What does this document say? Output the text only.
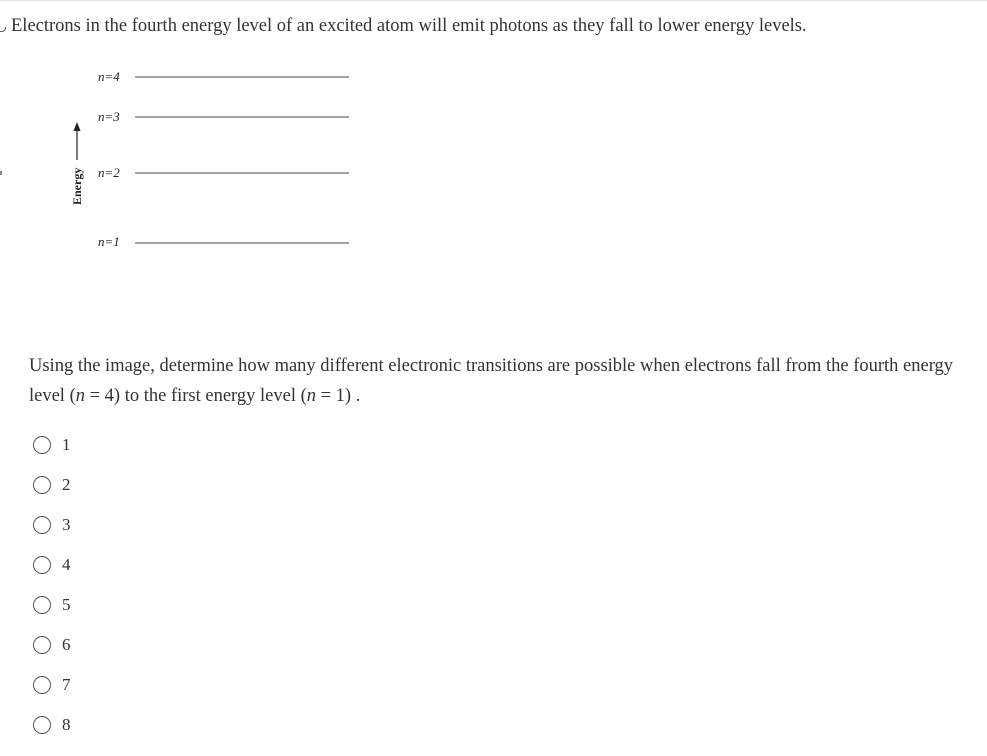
Electrons in the fourth energy level of an excited atom will emit photons as they fall to lower energy levels.

Energy
n=4
n=3
n=2
n=1

Using the image, determine how many different electronic transitions are possible when electrons fall from the fourth energy level (n = 4) to the first energy level (n = 1) .

1
2
3
4
5
6
7
8
